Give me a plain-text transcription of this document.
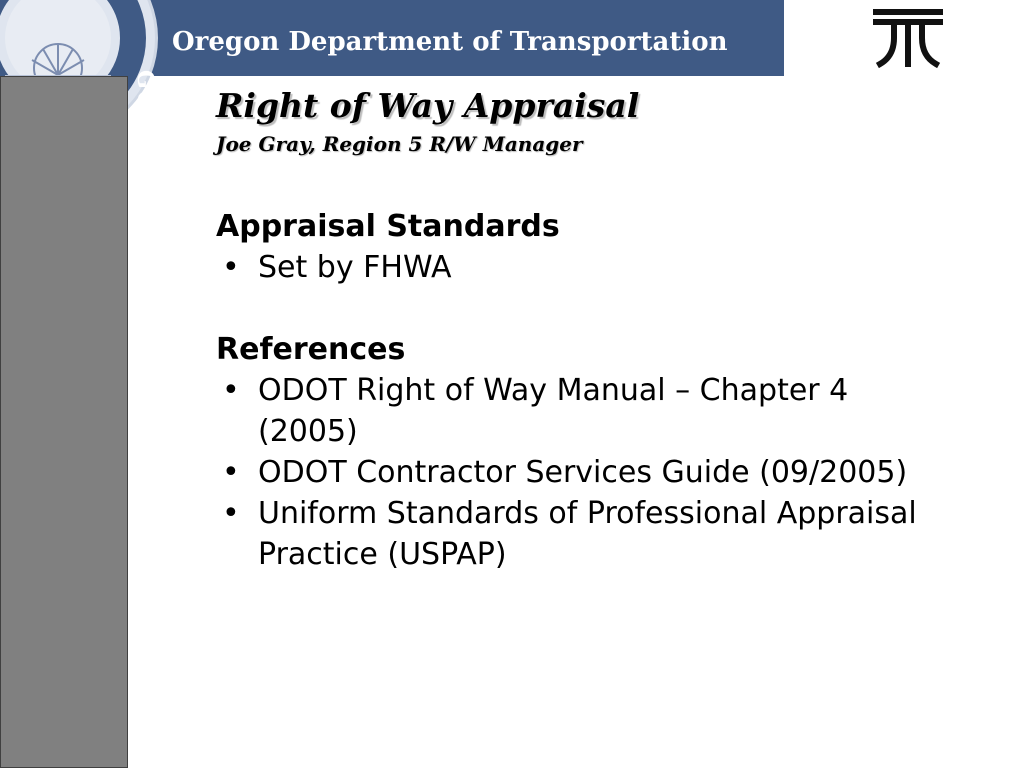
GON
Oregon Department of Transportation
Right of Way Appraisal
Joe Gray, Region 5 R/W Manager
Appraisal Standards
• Set by FHWA
References
• ODOT Right of Way Manual – Chapter 4 (2005)
• ODOT Contractor Services Guide (09/2005)
• Uniform Standards of Professional Appraisal Practice (USPAP)
